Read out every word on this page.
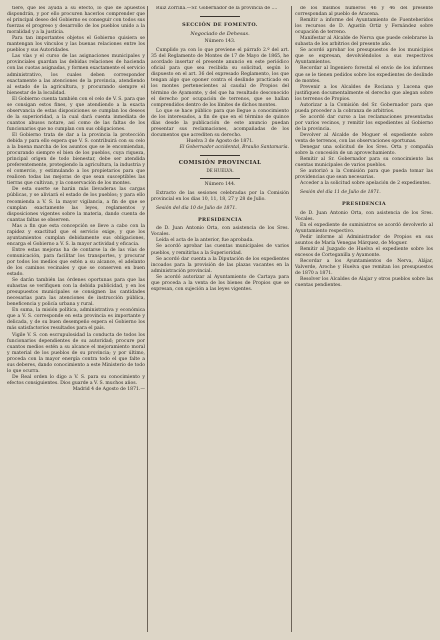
tiere, que les ayuda a su efecto, lo que de apuestos dispondrán, y por ello procuren hacerlos comprender que el principal deseo del Gobierno es conseguir con todos sus fuerzas el progreso y desarrollo de los pueblos unido a la moralidad y a la justicia.

Para tan importantes objetos el Gobierno quisiera se mantengan los vínculos y las buenas relaciones entre los pueblos y sus Autoridades.

Las vías y el curso de las asignaciones municipales y provinciales guardan las debidas relaciones de hacienda con las cuotas asignadas, y formen exactamente el servicio administrativo, los cuales deben corresponder exactamente a las atenciones de la provincia, atendiendo al estado de la agricultura, y procurando siempre el bienestar de la localidad.

El Gobierno cuenta también con el celo de V. S. para que se consigan estos fines, y que atendiendo a la exacta observancia de estas disposiciones se cumplan los deseos de la superioridad, a la cual dará cuenta inmediata de cuantos abusos notare, así como de las faltas de los funcionarios que no cumplan con sus obligaciones.

El Gobierno trata de dar a la provincia la protección debida y para ello espera que V. S. contribuirá con su celo a la buena marcha de los asuntos que se le encomiendan, procurando siempre el bien de los pueblos, cuya riqueza, principal origen de todo bienestar, debe ser atendida preferentemente, protegiendo la agricultura, la industria y el comercio, y estimulando a los propietarios para que realicen todas las mejoras de que sean susceptibles las tierras que cultivan, y la conservación de los montes.

De esta suerte se harán más llevaderas las cargas públicas, y se aliviará el estado de los pueblos; y para ello recomienda a V. S. la mayor vigilancia, a fin de que se cumplan exactamente las leyes, reglamentos y disposiciones vigentes sobre la materia, dando cuenta de cuantas faltas se observen.

Mas a fin que esta concepción se lleve a cabo con la rapidez y exactitud que el servicio exige, y que los ayuntamientos cumplan debidamente sus obligaciones, encarga el Gobierno a V. S. la mayor actividad y eficacia.

Entre estas mejoras ha de contarse la de las vías de comunicación, para facilitar los transportes, y procurar por todos los medios que estén a su alcance, el adelanto de los caminos vecinales y que se conserven en buen estado.

Se darán también las órdenes oportunas para que las subastas se verifiquen con la debida publicidad, y en los presupuestos municipales se consignen las cantidades necesarias para las atenciones de instrucción pública, beneficencia y policía urbana y rural.

En suma, la misión política, administrativa y económica que a V. S. corresponde en esta provincia es importante y delicada, y de su buen desempeño espera el Gobierno los más satisfactorios resultados para el país.

Vigile V. S. con escrupulosidad la conducta de todos los funcionarios dependientes de su autoridad; procure por cuantos medios estén a su alcance el mejoramiento moral y material de los pueblos de su provincia; y por último, proceda con la mayor energía contra todo el que falte a sus deberes, dando conocimiento a este Ministerio de todo lo que ocurra.

De Real orden lo digo a V. S. para su conocimiento y efectos consiguientes. Dios guarde a V. S. muchos años.

Madrid 4 de Agosto de 1871.—

Ruiz Zorrilla.—Sr. Gobernador de la provincia de ....

SECCIÓN DE FOMENTO.

Negociado de Dehesas.

Número 143.

Cumplido ya con lo que previene el párrafo 2.º del art. 35 del Reglamento de Montes de 17 de Mayo de 1865, he acordado insertar el presente anuncio en este periódico oficial para que sea recibida su solicitud, según lo dispuesto en el art. 36 del expresado Reglamento, los que tengan algo que oponer contra el deslinde practicado en los montes pertenecientes al caudal de Propios del término de Ayamonte, y del que ha resultado desconocido el derecho por ocupación de terrenos, que se hallan comprendidos dentro de los límites de dichos montes.

Lo que se hace público para que llegue a conocimiento de los interesados, a fin de que en el término de quince días desde la publicación de este anuncio puedan presentar sus reclamaciones, acompañadas de los documentos que acrediten su derecho.

Huelva 3 de Agosto de 1871.

El Gobernador accidental, Braulio Santamaría.

COMISIÓN PROVINCIAL

DE HUELVA.

Número 144.

Extracto de las sesiones celebradas por la Comisión provincial en los días 10, 11, 18, 27 y 28 de Julio.

Sesión del día 10 de Julio de 1871.

PRESIDENCIA

de D. Juan Antonio Orta, con asistencia de los Sres. Vocales.

Leída el acta de la anterior, fue aprobada.

Se acordó aprobar las cuentas municipales de varios pueblos, y remitirlas a la Superioridad.

Se acordó dar cuenta a la Diputación de los expedientes incoados para la provisión de las plazas vacantes en la administración provincial.

Se acordó autorizar al Ayuntamiento de Cartaya para que proceda a la venta de los bienes de Propios que se expresan, con sujeción a las leyes vigentes.

de los mismos números 46 y 46 del presente correspondan al pueblo de Aracena.

Remitir a informe del Ayuntamiento de Fuenteheridos los recursos de D. Agustín Ortiz y Fernández sobre ocupación de terreno.

Manifestar al Alcalde de Nerva que puede celebrarse la subasta de los arbitrios del presente año.

Se acordó aprobar los presupuestos de los municipios que se expresan, devolviéndolos a sus respectivos Ayuntamientos.

Recordar al Ingeniero forestal el envío de los informes que se le tienen pedidos sobre los expedientes de deslinde de montes.

Prevenir a los Alcaldes de Rociana y Lucena que justifiquen documentalmente el derecho que alegan sobre los terrenos de Propios.

Autorizar a la Comisión del Sr. Gobernador para que pueda proceder a la cobranza de arbitrios.

Se acordó dar curso a las reclamaciones presentadas por varios vecinos, y remitir los expedientes al Gobierno de la provincia.

Devolver al Alcalde de Moguer el expediente sobre venta de terrenos, con las observaciones oportunas.

Denegar una solicitud de los Sres. Orta y compañía sobre la concesión de un aprovechamiento.

Remitir al Sr. Gobernador para su conocimiento las cuentas municipales de varios pueblos.

Se autorizó a la Comisión para que pueda tomar las providencias que sean necesarias.

Acceder a la solicitud sobre apelación de 2 expedientes.

Sesión del día 11 de Julio de 1871.

PRESIDENCIA

de D. Juan Antonio Orta, con asistencia de los Sres. Vocales.

En el expediente de suministros se acordó devolverlo al Ayuntamiento respectivo.

Pedir informe al Administrador de Propios en sus asuntos de María Venegas Márquez, de Moguer.

Remitir al Juzgado de Huelva el expediente sobre los excesos de Corteganilla y Ayamonte.

Recordar a los Ayuntamientos de Nerva, Alájar, Valverde, Aroche y Huelva que remitan los presupuestos de 1870 a 1871.

Resolver los Alcaldes de Alajar y otros pueblos sobre las cuentas pendientes.
